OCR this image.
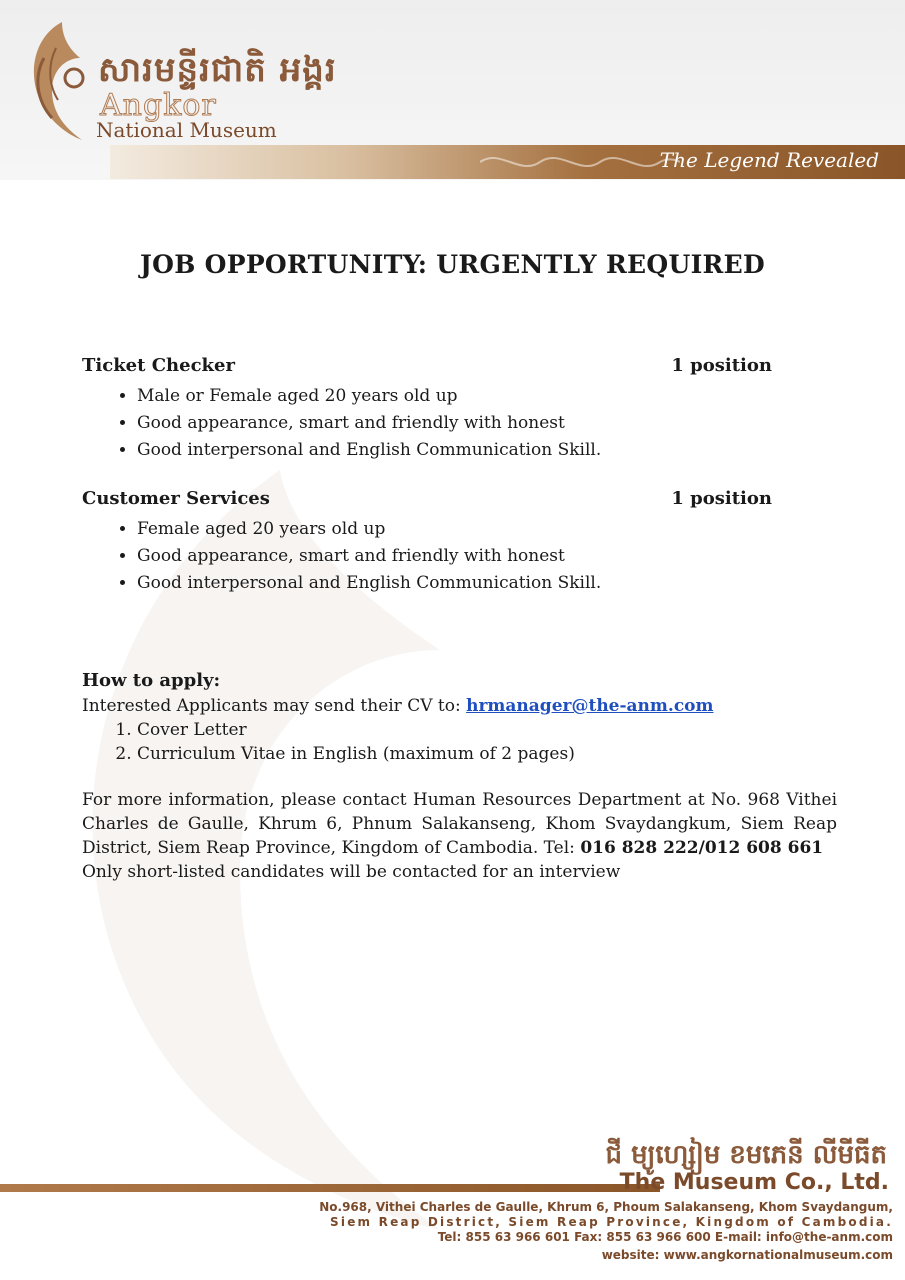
សារមន្ទីរជាតិ អង្គរ
Angkor
National Museum
The Legend Revealed
JOB OPPORTUNITY: URGENTLY REQUIRED
Ticket Checker	1 position
• Male or Female aged 20 years old up
• Good appearance, smart and friendly with honest
• Good interpersonal and English Communication Skill.
Customer Services	1 position
• Female aged 20 years old up
• Good appearance, smart and friendly with honest
• Good interpersonal and English Communication Skill.
How to apply:
Interested Applicants may send their CV to: hrmanager@the-anm.com
1. Cover Letter
2. Curriculum Vitae in English (maximum of 2 pages)
For more information, please contact Human Resources Department at No. 968 Vithei Charles de Gaulle, Khrum 6, Phnum Salakanseng, Khom Svaydangkum, Siem Reap District, Siem Reap Province, Kingdom of Cambodia. Tel: 016 828 222/012 608 661
Only short-listed candidates will be contacted for an interview
ជី ម្យូហ្សៀម ខមភេនី លីមីធីត
The Museum Co., Ltd.
No.968, Vithei Charles de Gaulle, Khrum 6, Phoum Salakanseng, Khom Svaydangum,
Siem Reap District, Siem Reap Province, Kingdom of Cambodia.
Tel: 855 63 966 601 Fax: 855 63 966 600 E-mail: info@the-anm.com
website: www.angkornationalmuseum.com
